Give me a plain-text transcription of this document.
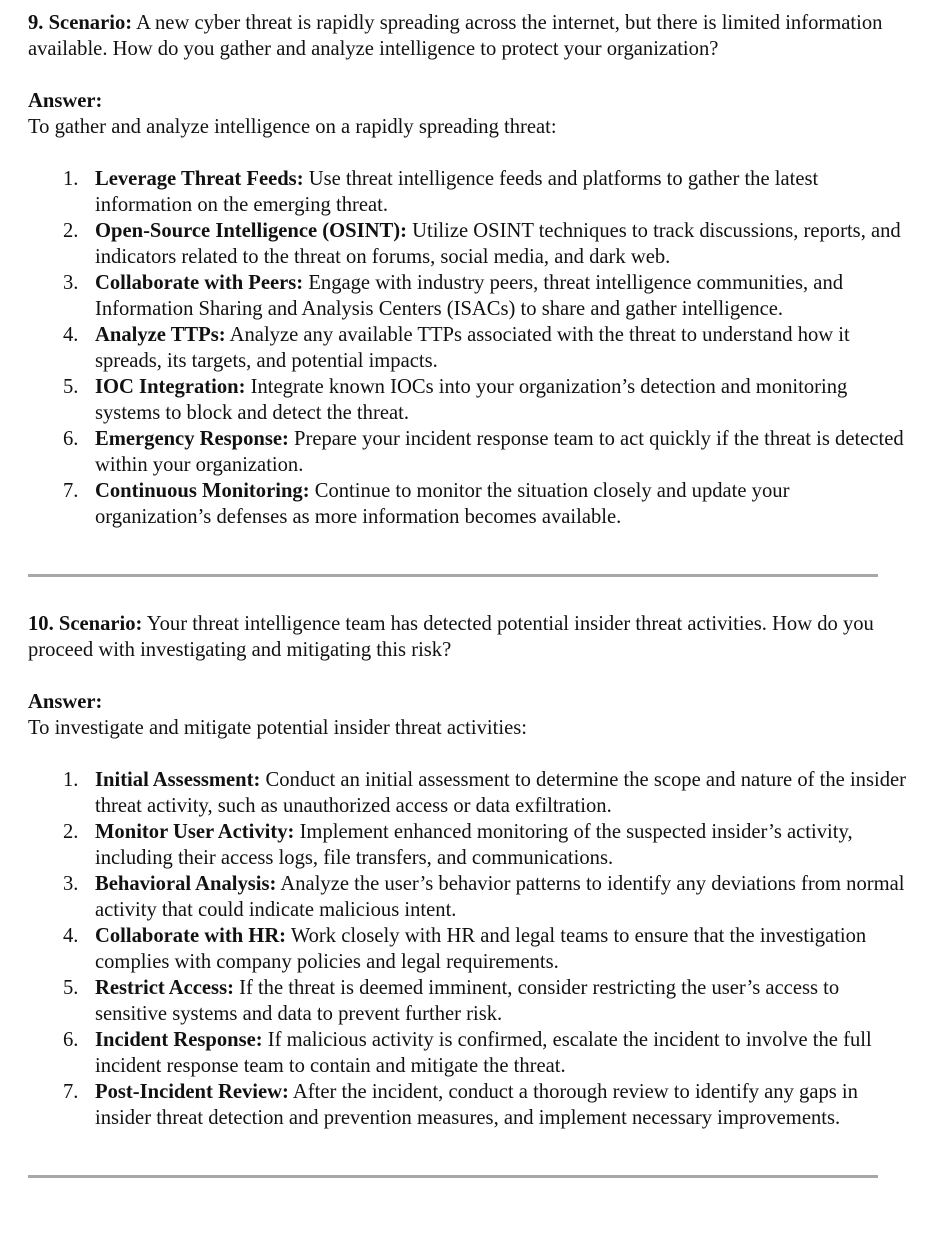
9. Scenario: A new cyber threat is rapidly spreading across the internet, but there is limited information available. How do you gather and analyze intelligence to protect your organization?

Answer:

To gather and analyze intelligence on a rapidly spreading threat:

1. Leverage Threat Feeds: Use threat intelligence feeds and platforms to gather the latest information on the emerging threat.
2. Open-Source Intelligence (OSINT): Utilize OSINT techniques to track discussions, reports, and indicators related to the threat on forums, social media, and dark web.
3. Collaborate with Peers: Engage with industry peers, threat intelligence communities, and Information Sharing and Analysis Centers (ISACs) to share and gather intelligence.
4. Analyze TTPs: Analyze any available TTPs associated with the threat to understand how it spreads, its targets, and potential impacts.
5. IOC Integration: Integrate known IOCs into your organization’s detection and monitoring systems to block and detect the threat.
6. Emergency Response: Prepare your incident response team to act quickly if the threat is detected within your organization.
7. Continuous Monitoring: Continue to monitor the situation closely and update your organization’s defenses as more information becomes available.

10. Scenario: Your threat intelligence team has detected potential insider threat activities. How do you proceed with investigating and mitigating this risk?

Answer:

To investigate and mitigate potential insider threat activities:

1. Initial Assessment: Conduct an initial assessment to determine the scope and nature of the insider threat activity, such as unauthorized access or data exfiltration.
2. Monitor User Activity: Implement enhanced monitoring of the suspected insider’s activity, including their access logs, file transfers, and communications.
3. Behavioral Analysis: Analyze the user’s behavior patterns to identify any deviations from normal activity that could indicate malicious intent.
4. Collaborate with HR: Work closely with HR and legal teams to ensure that the investigation complies with company policies and legal requirements.
5. Restrict Access: If the threat is deemed imminent, consider restricting the user’s access to sensitive systems and data to prevent further risk.
6. Incident Response: If malicious activity is confirmed, escalate the incident to involve the full incident response team to contain and mitigate the threat.
7. Post-Incident Review: After the incident, conduct a thorough review to identify any gaps in insider threat detection and prevention measures, and implement necessary improvements.
